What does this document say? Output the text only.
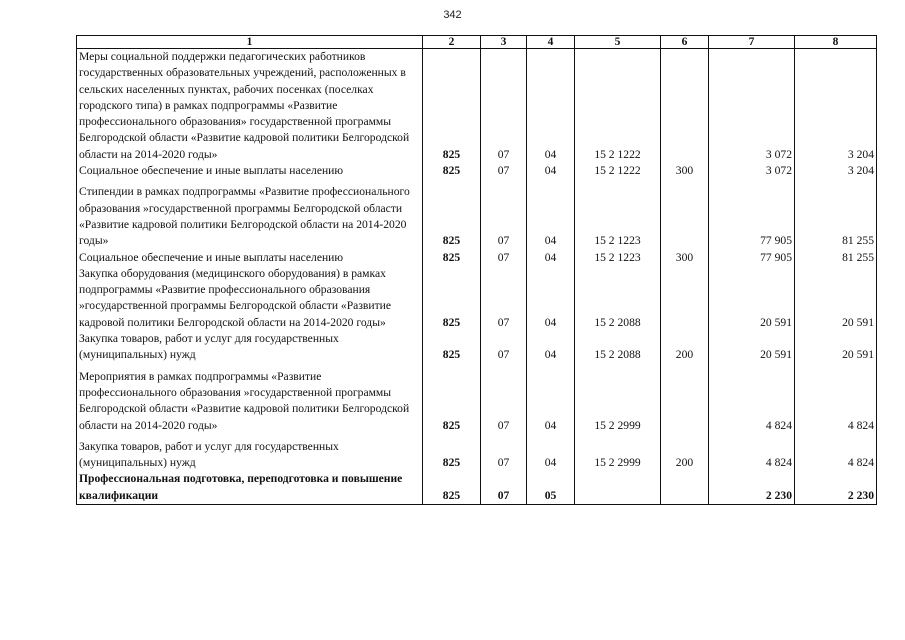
342
1	2	3	4	5	6	7	8
Меры социальной поддержки педагогических работников государственных образовательных учреждений, расположенных в сельских населенных пунктах, рабочих посенках (поселках городского типа) в рамках подпрограммы «Развитие профессионального образования» государственной программы Белгородской области «Развитие кадровой политики Белгородской области на 2014-2020 годы»	825	07	04	15 2 1222		3 072	3 204
Социальное обеспечение и иные выплаты населению	825	07	04	15 2 1222	300	3 072	3 204
Стипендии в рамках подпрограммы «Развитие профессионального образования »государственной программы Белгородской области «Развитие кадровой политики Белгородской области на 2014-2020 годы»	825	07	04	15 2 1223		77 905	81 255
Социальное обеспечение и иные выплаты населению	825	07	04	15 2 1223	300	77 905	81 255
Закупка оборудования (медицинского оборудования) в рамках подпрограммы «Развитие профессионального образования »государственной программы Белгородской области «Развитие кадровой политики Белгородской области на 2014-2020 годы»	825	07	04	15 2 2088		20 591	20 591
Закупка товаров, работ и услуг для государственных (муниципальных) нужд	825	07	04	15 2 2088	200	20 591	20 591
Мероприятия в рамках подпрограммы «Развитие профессионального образования »государственной программы Белгородской области «Развитие кадровой политики Белгородской области на 2014-2020 годы»	825	07	04	15 2 2999		4 824	4 824
Закупка товаров, работ и услуг для государственных (муниципальных) нужд	825	07	04	15 2 2999	200	4 824	4 824
Профессиональная подготовка, переподготовка и повышение квалификации	825	07	05			2 230	2 230
